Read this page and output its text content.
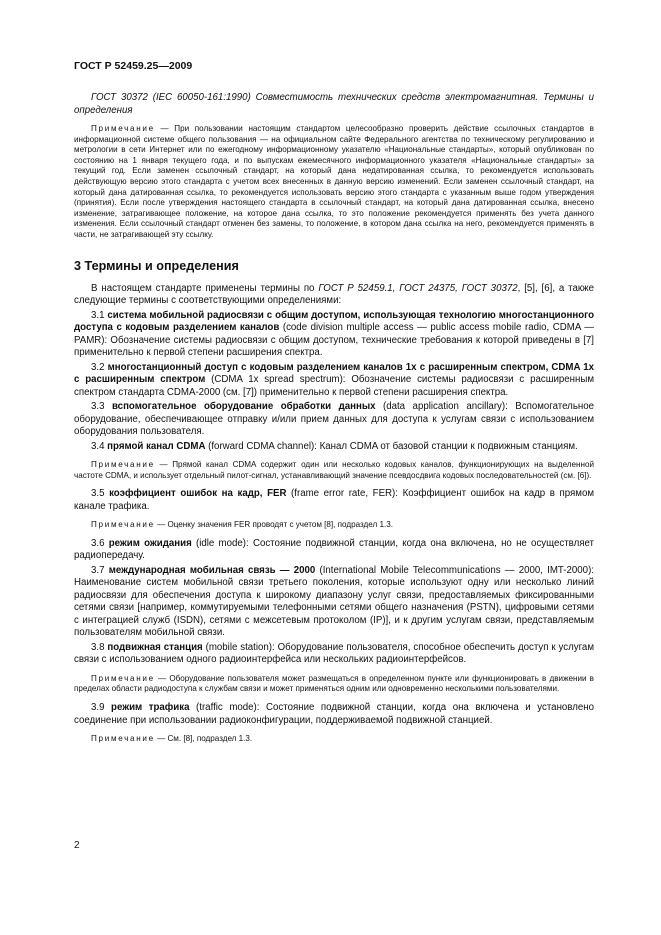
ГОСТ Р 52459.25—2009

ГОСТ 30372 (IEC 60050-161:1990) Совместимость технических средств электромагнитная. Термины и определения

Примечание — При пользовании настоящим стандартом целесообразно проверить действие ссылочных стандартов в информационной системе общего пользования — на официальном сайте Федерального агентства по техническому регулированию и метрологии в сети Интернет или по ежегодному информационному указателю «Национальные стандарты», который опубликован по состоянию на 1 января текущего года, и по выпускам ежемесячного информационного указателя «Национальные стандарты» за текущий год. Если заменен ссылочный стандарт, на который дана недатированная ссылка, то рекомендуется использовать действующую версию этого стандарта с учетом всех внесенных в данную версию изменений. Если заменен ссылочный стандарт, на который дана датированная ссылка, то рекомендуется использовать версию этого стандарта с указанным выше годом утверждения (принятия). Если после утверждения настоящего стандарта в ссылочный стандарт, на который дана датированная ссылка, внесено изменение, затрагивающее положение, на которое дана ссылка, то это положение рекомендуется применять без учета данного изменения. Если ссылочный стандарт отменен без замены, то положение, в котором дана ссылка на него, рекомендуется применять в части, не затрагивающей эту ссылку.

3 Термины и определения

В настоящем стандарте применены термины по ГОСТ Р 52459.1, ГОСТ 24375, ГОСТ 30372, [5], [6], а также следующие термины с соответствующими определениями:

3.1 система мобильной радиосвязи с общим доступом, использующая технологию многостанционного доступа с кодовым разделением каналов (code division multiple access — public access mobile radio, CDMA — PAMR): Обозначение системы радиосвязи с общим доступом, технические требования к которой приведены в [7] применительно к первой степени расширения спектра.

3.2 многостанционный доступ с кодовым разделением каналов 1x с расширенным спектром, CDMA 1x с расширенным спектром (CDMA 1x spread spectrum): Обозначение системы радиосвязи с расширенным спектром стандарта CDMA-2000 (см. [7]) применительно к первой степени расширения спектра.

3.3 вспомогательное оборудование обработки данных (data application ancillary): Вспомогательное оборудование, обеспечивающее отправку и/или прием данных для доступа к услугам связи с использованием оборудования пользователя.

3.4 прямой канал CDMA (forward CDMA channel): Канал CDMA от базовой станции к подвижным станциям.

Примечание — Прямой канал CDMA содержит один или несколько кодовых каналов, функционирующих на выделенной частоте CDMA, и использует отдельный пилот-сигнал, устанавливающий значение псевдосдвига кодовых последовательностей (см. [6]).

3.5 коэффициент ошибок на кадр, FER (frame error rate, FER): Коэффициент ошибок на кадр в прямом канале трафика.

Примечание — Оценку значения FER проводят с учетом [8], подраздел 1.3.

3.6 режим ожидания (idle mode): Состояние подвижной станции, когда она включена, но не осуществляет радиопередачу.

3.7 международная мобильная связь — 2000 (International Mobile Telecommunications — 2000, IMT-2000): Наименование систем мобильной связи третьего поколения, которые используют одну или несколько линий радиосвязи для обеспечения доступа к широкому диапазону услуг связи, предоставляемых фиксированными сетями связи [например, коммутируемыми телефонными сетями общего назначения (PSTN), цифровыми сетями с интеграцией служб (ISDN), сетями с межсетевым протоколом (IP)], и к другим услугам связи, представляемым пользователям мобильной связи.

3.8 подвижная станция (mobile station): Оборудование пользователя, способное обеспечить доступ к услугам связи с использованием одного радиоинтерфейса или нескольких радиоинтерфейсов.

Примечание — Оборудование пользователя может размещаться в определенном пункте или функционировать в движении в пределах области радиодоступа к службам связи и может применяться одним или одновременно несколькими пользователями.

3.9 режим трафика (traffic mode): Состояние подвижной станции, когда она включена и установлено соединение при использовании радиоконфигурации, поддерживаемой подвижной станцией.

Примечание — См. [8], подраздел 1.3.

2
